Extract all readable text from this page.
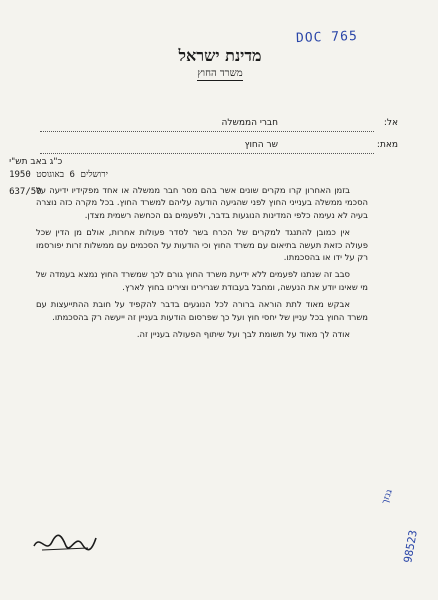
DOC 765
מדינת ישראל
משרד החוץ
אל:
חברי הממשלה
מאת:
שר החוץ
כ"ג באב תש"י
ירושלים 6 באוגוסט 1950
637/50

בזמן האחרון קרו מקרים שונים אשר בהם מסר חבר ממשלה או אחד מפקידיו ידיעה על הסכמי ממשלה בענייני החוץ לפני שהגיעה הודעה עליהם למשרד החוץ. בכל מקרה כזה נוצרה בעיה לא נעימה כלפי המדינות הנוגעות בדבר, ולפעמים גם הכחשה רשמית מצדן.

אין כמובן להתנגד למקרים של הכרח בשר לסדר פעולות אחרות, אולם מן הדין שכל פעולה כזאת תעשה בתיאום עם משרד החוץ וכי הודעות על הסכמים עם ממשלות זרות יפורסמו רק על ידו או בהסכמתו.

סבב זה שנתנו לפעמים ללא ידיעת משרד החוץ גורם לכך שמשרד החוץ נמצא בעמדה של מי שאינו יודע את הנעשה, ומחבל בעבודת שגרירינו וצירינו בחוץ לארץ.

אבקש מאוד לתת הוראה ברורה לכל הנוגעים בדבר להקפיד על חובת ההתייעצות עם משרד החוץ בכל עניין של יחסי חוץ ועל כך שפרסום הודעות בעניין זה ייעשה רק בהסכמתו.

אודה לך מאוד על תשומת לבך ועל שיתוף הפעולה בעניין זה.

גנזך
98523
